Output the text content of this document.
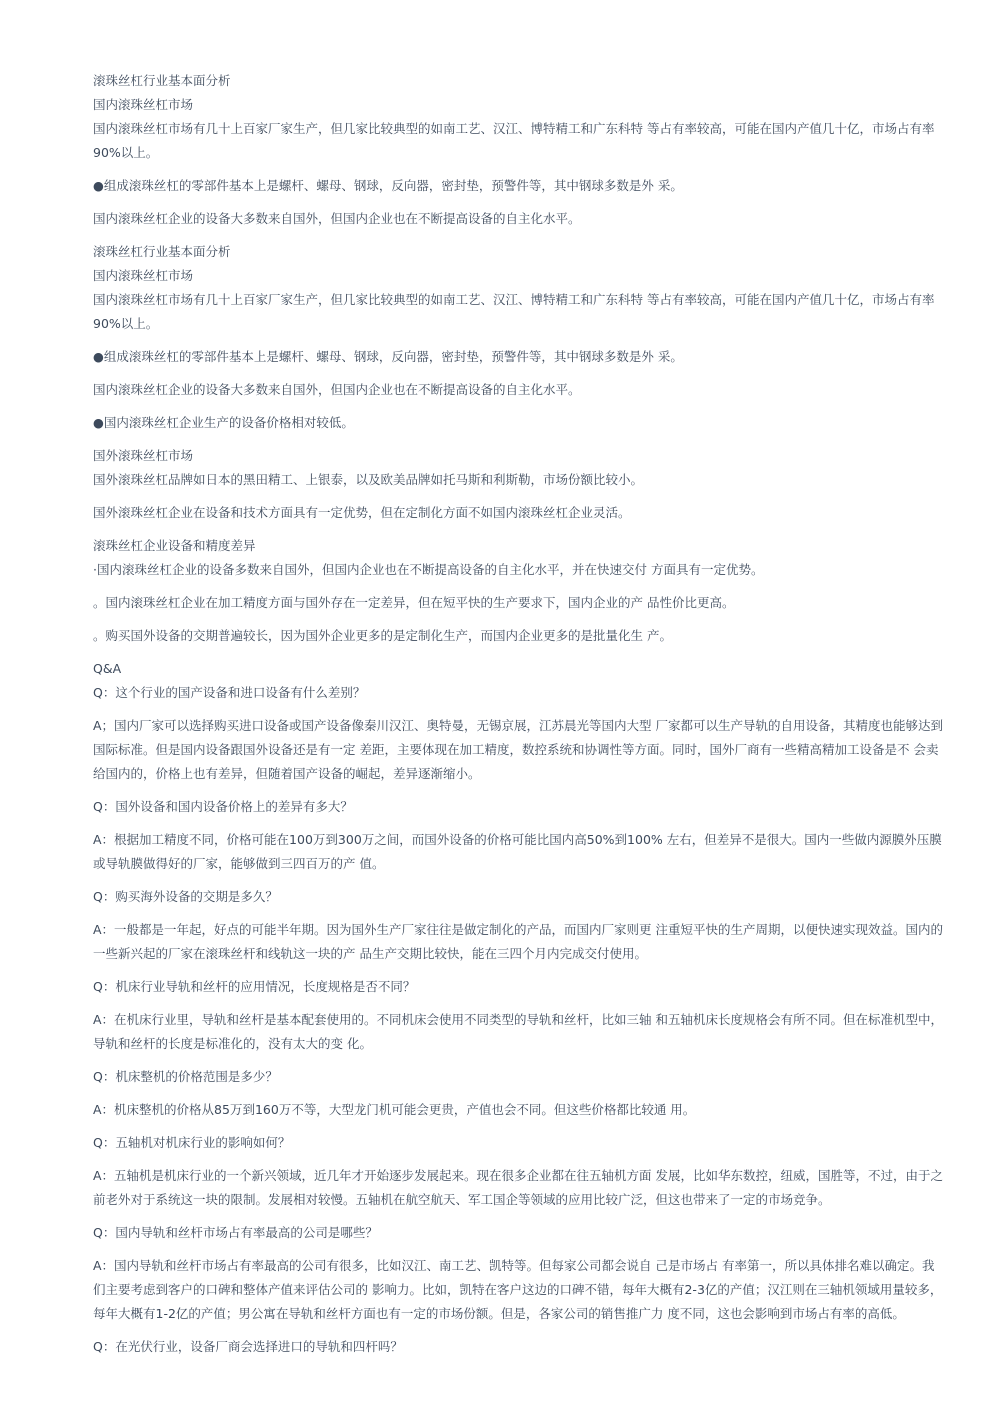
滚珠丝杠行业基本面分析
国内滚珠丝杠市场
国内滚珠丝杠市场有几十上百家厂家生产，但几家比较典型的如南工艺、汉江、博特精工和广东科特 等占有率较高，可能在国内产值几十亿，市场占有率90%以上。
●组成滚珠丝杠的零部件基本上是螺杆、螺母、钢球，反向器，密封垫，预警件等，其中钢球多数是外 采。
国内滚珠丝杠企业的设备大多数来自国外，但国内企业也在不断提高设备的自主化水平。
滚珠丝杠行业基本面分析
国内滚珠丝杠市场
国内滚珠丝杠市场有几十上百家厂家生产，但几家比较典型的如南工艺、汉江、博特精工和广东科特 等占有率较高，可能在国内产值几十亿，市场占有率90%以上。
●组成滚珠丝杠的零部件基本上是螺杆、螺母、钢球，反向器，密封垫，预警件等，其中钢球多数是外 采。
国内滚珠丝杠企业的设备大多数来自国外，但国内企业也在不断提高设备的自主化水平。
●国内滚珠丝杠企业生产的设备价格相对较低。
国外滚珠丝杠市场
国外滚珠丝杠品牌如日本的黑田精工、上银泰，以及欧美品牌如托马斯和利斯勒，市场份额比较小。
国外滚珠丝杠企业在设备和技术方面具有一定优势，但在定制化方面不如国内滚珠丝杠企业灵活。
滚珠丝杠企业设备和精度差异
·国内滚珠丝杠企业的设备多数来自国外，但国内企业也在不断提高设备的自主化水平，并在快速交付 方面具有一定优势。
。国内滚珠丝杠企业在加工精度方面与国外存在一定差异，但在短平快的生产要求下，国内企业的产 品性价比更高。
。购买国外设备的交期普遍较长，因为国外企业更多的是定制化生产，而国内企业更多的是批量化生 产。
Q&A
Q：这个行业的国产设备和进口设备有什么差别？
A；国内厂家可以选择购买进口设备或国产设备像秦川汉江、奥特曼，无锡京展，江苏晨光等国内大型 厂家都可以生产导轨的自用设备，其精度也能够达到国际标准。但是国内设备跟国外设备还是有一定 差距，主要体现在加工精度，数控系统和协调性等方面。同时，国外厂商有一些精高精加工设备是不 会卖给国内的，价格上也有差异，但随着国产设备的崛起，差异逐渐缩小。
Q：国外设备和国内设备价格上的差异有多大？
A：根据加工精度不同，价格可能在100万到300万之间，而国外设备的价格可能比国内高50%到100% 左右，但差异不是很大。国内一些做内源膜外压膜或导轨膜做得好的厂家，能够做到三四百万的产 值。
Q：购买海外设备的交期是多久？
A：一般都是一年起，好点的可能半年期。因为国外生产厂家往往是做定制化的产品，而国内厂家则更 注重短平快的生产周期，以便快速实现效益。国内的一些新兴起的厂家在滚珠丝杆和线轨这一块的产 品生产交期比较快，能在三四个月内完成交付使用。
Q：机床行业导轨和丝杆的应用情况，长度规格是否不同？
A：在机床行业里，导轨和丝杆是基本配套使用的。不同机床会使用不同类型的导轨和丝杆，比如三轴 和五轴机床长度规格会有所不同。但在标准机型中，导轨和丝杆的长度是标准化的，没有太大的变 化。
Q：机床整机的价格范围是多少？
A：机床整机的价格从85万到160万不等，大型龙门机可能会更贵，产值也会不同。但这些价格都比较通 用。
Q：五轴机对机床行业的影响如何？
A：五轴机是机床行业的一个新兴领域，近几年才开始逐步发展起来。现在很多企业都在往五轴机方面 发展，比如华东数控，纽威，国胜等，不过，由于之前老外对于系统这一块的限制。发展相对较慢。五轴机在航空航天、军工国企等领域的应用比较广泛，但这也带来了一定的市场竞争。
Q：国内导轨和丝杆市场占有率最高的公司是哪些？
A：国内导轨和丝杆市场占有率最高的公司有很多，比如汉江、南工艺、凯特等。但每家公司都会说自 己是市场占 有率第一，所以具体排名难以确定。我们主要考虑到客户的口碑和整体产值来评估公司的 影响力。比如，凯特在客户这边的口碑不错，每年大概有2-3亿的产值；汉江则在三轴机领域用量较多，每年大概有1-2亿的产值；男公寓在导轨和丝杆方面也有一定的市场份额。但是，各家公司的销售推广力 度不同，这也会影响到市场占有率的高低。
Q：在光伏行业，设备厂商会选择进口的导轨和四杆吗？
